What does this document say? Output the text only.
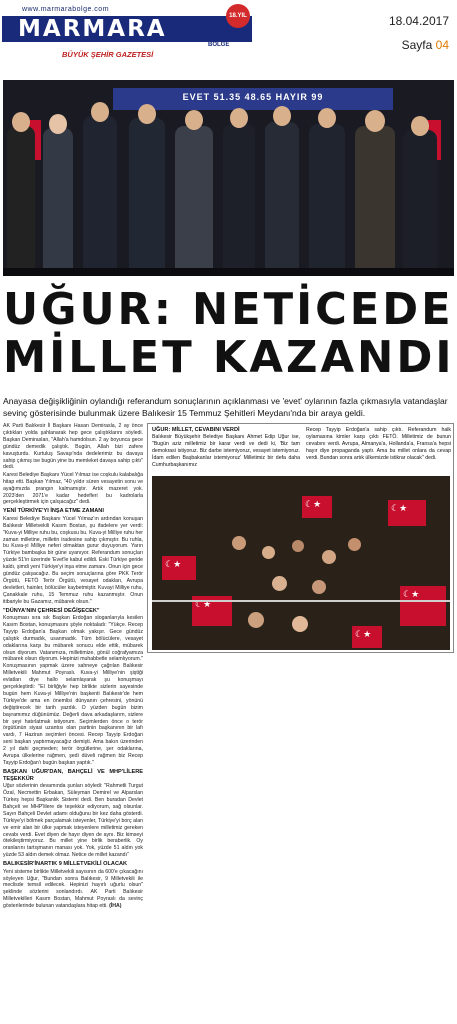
www.marmarabolge.com
MARMARA	18.YIL
BÖLGE
BÜYÜK ŞEHİR GAZETESİ
18.04.2017
Sayfa 04
EVET 51.35 48.65 HAYIR 99
UĞUR: NETİCEDE
MİLLET KAZANDI
Anayasa değişikliğinin oylandığı referandum sonuçlarının açıklanması ve 'evet' oylarının fazla çıkmasıyla vatandaşlar sevinç gösterisinde bulunmak üzere Balıkesir 15 Temmuz Şehitleri Meydanı'nda bir araya geldi.

AK Parti Balıkesir İl Başkanı Hasan Demirasla, 2 ay önce çıktıkları yolda şahlanarak hep gece çalıştıklarını söyledi. Başkan Demiraslan, "Allah'a hamdolsun. 2 ay boyunca gece gündüz demedik çalıştık. Bugün, Allah bizi zafere kavuşturdu. Kurtuluş Savaşı'nda dedelerimiz bu davaya sahip çıkmış ise bugün yine bu memleket davaya sahip çıktı" dedi.

Karesi Belediye Başkanı Yücel Yılmaz ise coşkulu kalabalığa hitap etti. Başkan Yılmaz, "40 yıldır süren vesayetin sonu ve ayağımızda prangın kalmamıştır. Artık mazeret yok. 2023'den 2071'e kadar hedefleri bu kadrolarla gerçekleştirmek için çalışacağız" dedi.

YENİ TÜRKİYE'YI İNŞA ETME ZAMANI

Karesi Belediye Başkanı Yücel Yılmaz'ın ardından konuşan Balıkesir Milletvekili Kasım Bostan, şu ifadelere yer verdi: "Kuva-yi Milliye ruhu bu, coşkusu bu. Kuva-yi Milliye ruhu her zaman milletine, milletin iradesine sahip çıkmıştır. Bu ruhla, bu Kuva-yi Milliye neferi olmaktan gurur duyuyorum. Yarın Türkiye bambaşka bir güne uyanıyor. Referandum sonuçları yüzde 51'in üzerinde 'Evet'le kabul edildi. Eski Türkiye geride kaldı, şimdi yeni Türkiye'yi inşa etme zamanı. Onun için gece gündüz çalışacağız. Bu seçim sonuçlarına göre PKK Terör Örgütü, FETÖ Terör Örgütü, vesayet odakları, Avrupa devletleri, hainler, bölücüler kaybetmiştir. Kuvayi Milliye ruhu, Çanakkale ruhu, 15 Temmuz ruhu kazanmıştır. Onun itibariyle bu Gazamız, mübarek olsun."

"DÜNYA'NIN ÇEHRESİ DEĞİŞECEK"

Konuşması sıra sık Başkan Erdoğan sloganlarıyla kesilen Kasım Bostan, konuşmasını şöyle noktaladı: "Yükçe. Recep Tayyip Erdoğan'a Başkan olmak yakışır. Gece gündüz çalıştık durmadık, usanmadık. Tüm bölücülere, vesayet odaklarına karşı bu mübarek sonucu elde ettik, mübarek olsun diyorum. Vatanımıza, milletimize, gönül coğrafyamıza mübarek olsun diyorum. Hepinizi muhabbetle selamlıyorum." Konuşmasının yapmak üzere sahneye çağrılan Balıkesir Milletvekili Mahmut Poyraslı. Kuva-yi Milliye'nin şiştiği evlatları diye hallo selamlayarak şu konuşmayı gerçekleştirdi: "El birliğiyle hep birlikte sizlerin sayesinde bugün hem Kuva-yi Milliye'nin başkenti Balıkesir'de hem Türkiye'de ama en önemlisi dünyanın çehresini, yönünü değiştirecek bir tarih yazdık. O yüzden bugün bizim bayramımız düğünümüz. Değerli dava arkadaşlarım, sizlere bir şeyi hatırlatmak istiyorum. Seçimlerden önce o terör örgütünün siyasi uzantısı olan partinin başkanının bir lafı vardı, 7 Haziran seçimleri öncesi. Recep Tayyip Erdoğan seni başkan yaptırmayacağız demişti. Ama bakın üzerinden 2 yıl dahi geçmeden; terör örgütlerine, şer odaklarına, Avrupa ülkelerine rağmen, şedi düveli rağmen biz Recep Tayyip Erdoğan'ı bugün başkan yaptık."

BAŞKAN UĞUR'DAN, BAHÇELİ VE MHP'LİLERE TEŞEKKÜR

Uğur sözlerinin devamında şunları söyledi: "Rahmetli Turgut Özal, Necmettin Erbakan, Süleyman Demirel ve Alparslan Türkeş hepsi Başkanlık Sistemi dedi. Ben buradan Devlet Bahçeli ve MHP'lilere de teşekkür ediyorum, sağ olsunlar. Sayın Bahçeli Devlet adamı olduğunu bir kez daha gösterdi. Türkiye'yi bölmek parçalamak isteyenler, Türkiye'yi borç alan ve emir alan bir ülke yapmak isteyenlere milletimiz gereken cevabı verdi. Evet diyen de hayır diyen de aynı. Biz kimseyi ötekileştirmiyoruz. Bu millet yine birlik beraberlik. Oy oranlarını tartışmanın manası yok. Yok, yüzde 51 aldın yok yüzde 53 aldın demek olmaz. Netice de millet kazandı"

BALIKESİR'İNARTIK 9 MİLLETVEKİLİ OLACAK

Yeni sisteme birlikte Milletvekili sayısının da 600'e çıkacağını söyleyen Uğur, "Bundan sonra Balıkesir, 9 Milletvekili ile meclisde temsil edilecek. Hepinizi hayırlı uğurlu olsun" şeklinde sözlerini sonlandırdı. AK Parti Balıkesir Milletvekilleri Kasım Bostan, Mahmut Poyraslı da sevinç gösterilerinde bulunan vatandaşlara hitap etti. (İHA)

UĞUR: MİLLET, CEVABINI VERDİ
Balıkesir Büyükşehir Belediye Başkanı Ahmet Edip Uğur ise, "Bugün aziz milletimiz bir karar verdi ve dedi ki, 'Biz tam demokrasi istiyoruz. Biz darbe istemiyoruz, vesayet istemiyoruz. İdam edilen Başbakanlar istemiyoruz' Milletimiz bir defa daha Cumhurbaşkanımız
Recep Tayyip Erdoğan'a sahip çıktı. Referandum halk oylamasına kimler karşı çıktı FETÖ. Milletimiz de bunun cevabını verdi. Avrupa, Almanya'a, Hollanda'a, Fransa'a hepsi hayır diye propaganda yaptı. Ama bu millet onlara da cevap verdi. Bundan sonra artık ülkemizde istikrar olacak" dedi.
☾★
☾★
☾★
☾★
☾★
☾★
